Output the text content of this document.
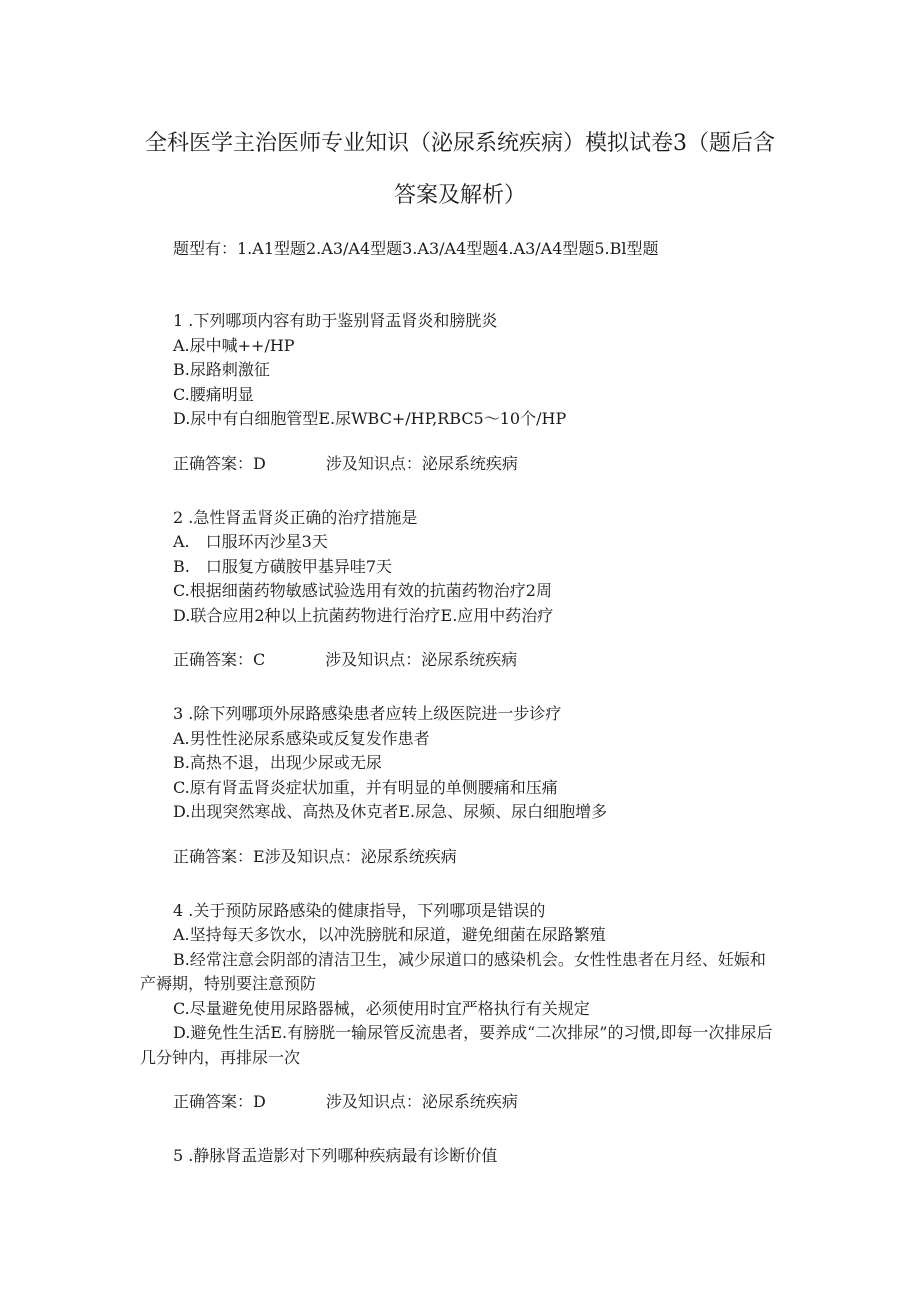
全科医学主治医师专业知识（泌尿系统疾病）模拟试卷3（题后含答案及解析）
题型有：1.A1型题2.A3/A4型题3.A3/A4型题4.A3/A4型题5.Bl型题
1 .下列哪项内容有助于鉴别肾盂肾炎和膀胱炎
A.尿中喊++/HP
B.尿路刺激征
C.腰痛明显
D.尿中有白细胞管型E.尿WBC+/HP,RBC5～10个/HP
正确答案：D	涉及知识点：泌尿系统疾病
2 .急性肾盂肾炎正确的治疗措施是
A.　口服环丙沙星3天
B.　口服复方磺胺甲基异哇7天
C.根据细菌药物敏感试验选用有效的抗菌药物治疗2周
D.联合应用2种以上抗菌药物进行治疗E.应用中药治疗
正确答案：C	涉及知识点：泌尿系统疾病
3 .除下列哪项外尿路感染患者应转上级医院进一步诊疗
A.男性性泌尿系感染或反复发作患者
B.高热不退，出现少尿或无尿
C.原有肾盂肾炎症状加重，并有明显的单侧腰痛和压痛
D.出现突然寒战、高热及休克者E.尿急、尿频、尿白细胞增多
正确答案：E涉及知识点：泌尿系统疾病
4 .关于预防尿路感染的健康指导，下列哪项是错误的
A.坚持每天多饮水，以冲洗膀胱和尿道，避免细菌在尿路繁殖
B.经常注意会阴部的清洁卫生，减少尿道口的感染机会。女性性患者在月经、妊娠和产褥期，特别要注意预防
C.尽量避免使用尿路器械，必须使用时宜严格执行有关规定
D.避免性生活E.有膀胱一输尿管反流患者，要养成“二次排尿”的习惯,即每一次排尿后几分钟内，再排尿一次
正确答案：D	涉及知识点：泌尿系统疾病
5 .静脉肾盂造影对下列哪种疾病最有诊断价值
